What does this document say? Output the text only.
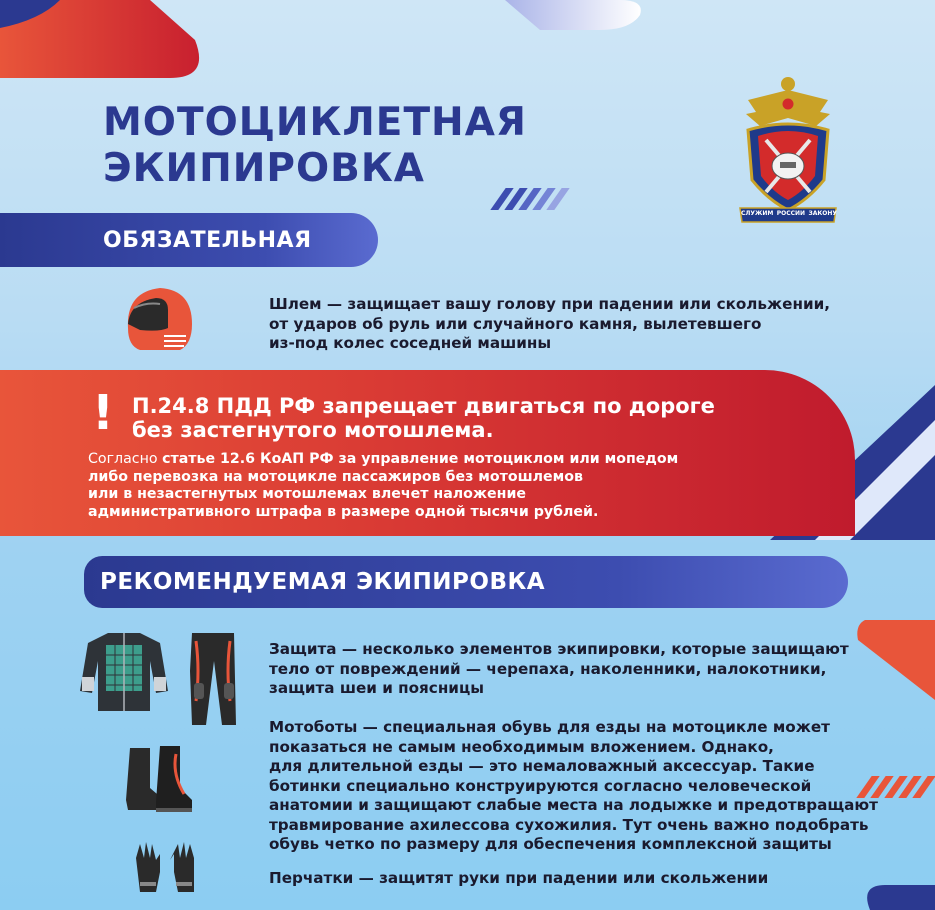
МОТОЦИКЛЕТНАЯ
ЭКИПИРОВКА
СЛУЖИМ РОССИИ ЗАКОНУ
ОБЯЗАТЕЛЬНАЯ
Шлем — защищает вашу голову при падении или скольжении,
от ударов об руль или случайного камня, вылетевшего
из-под колес соседней машины
! П.24.8 ПДД РФ запрещает двигаться по дороге
без застегнутого мотошлема.
Согласно статье 12.6 КоАП РФ за управление мотоциклом или мопедом
либо перевозка на мотоцикле пассажиров без мотошлемов
или в незастегнутых мотошлемах влечет наложение
административного штрафа в размере одной тысячи рублей.
РЕКОМЕНДУЕМАЯ ЭКИПИРОВКА
Защита — несколько элементов экипировки, которые защищают
тело от повреждений — черепаха, наколенники, налокотники,
защита шеи и поясницы
Мотоботы — специальная обувь для езды на мотоцикле может
показаться не самым необходимым вложением. Однако,
для длительной езды — это немаловажный аксессуар. Такие
ботинки специально конструируются согласно человеческой
анатомии и защищают слабые места на лодыжке и предотвращают
травмирование ахилессова сухожилия. Тут очень важно подобрать
обувь четко по размеру для обеспечения комплексной защиты
Перчатки — защитят руки при падении или скольжении
